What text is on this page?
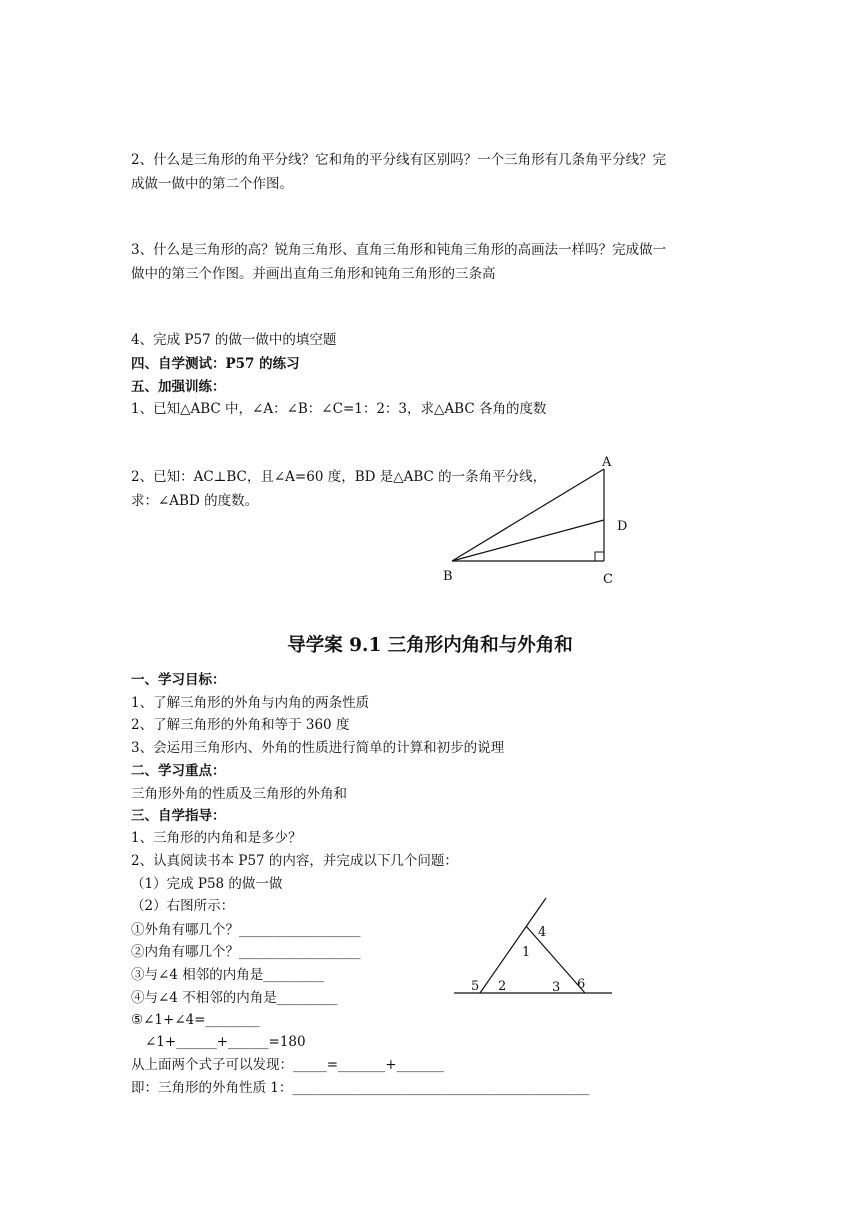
2、什么是三角形的角平分线？它和角的平分线有区别吗？一个三角形有几条角平分线？完
成做一做中的第二个作图。
3、什么是三角形的高？锐角三角形、直角三角形和钝角三角形的高画法一样吗？完成做一
做中的第三个作图。并画出直角三角形和钝角三角形的三条高
4、完成 P57 的做一做中的填空题
四、自学测试：P57 的练习
五、加强训练：
1、已知△ABC 中，∠A：∠B：∠C=1：2：3，求△ABC 各角的度数
2、已知：AC⊥BC，且∠A=60 度，BD 是△ABC 的一条角平分线，
求：∠ABD 的度数。
A
D
B	C
导学案 9.1 三角形内角和与外角和
一、学习目标：
1、了解三角形的外角与内角的两条性质
2、了解三角形的外角和等于 360 度
3、会运用三角形内、外角的性质进行简单的计算和初步的说理
二、学习重点：
三角形外角的性质及三角形的外角和
三、自学指导：
1、三角形的内角和是多少？
2、认真阅读书本 P57 的内容，并完成以下几个问题：
（1）完成 P58 的做一做
（2）右图所示：
①外角有哪几个？__________________
②内角有哪几个？__________________
③与∠4 相邻的内角是_________
④与∠4 不相邻的内角是_________
⑤∠1+∠4=________
∠1+______+______=180
从上面两个式子可以发现：_____=_______+_______
即：三角形的外角性质 1：____________________________________________
4
1
5 2	3 6
